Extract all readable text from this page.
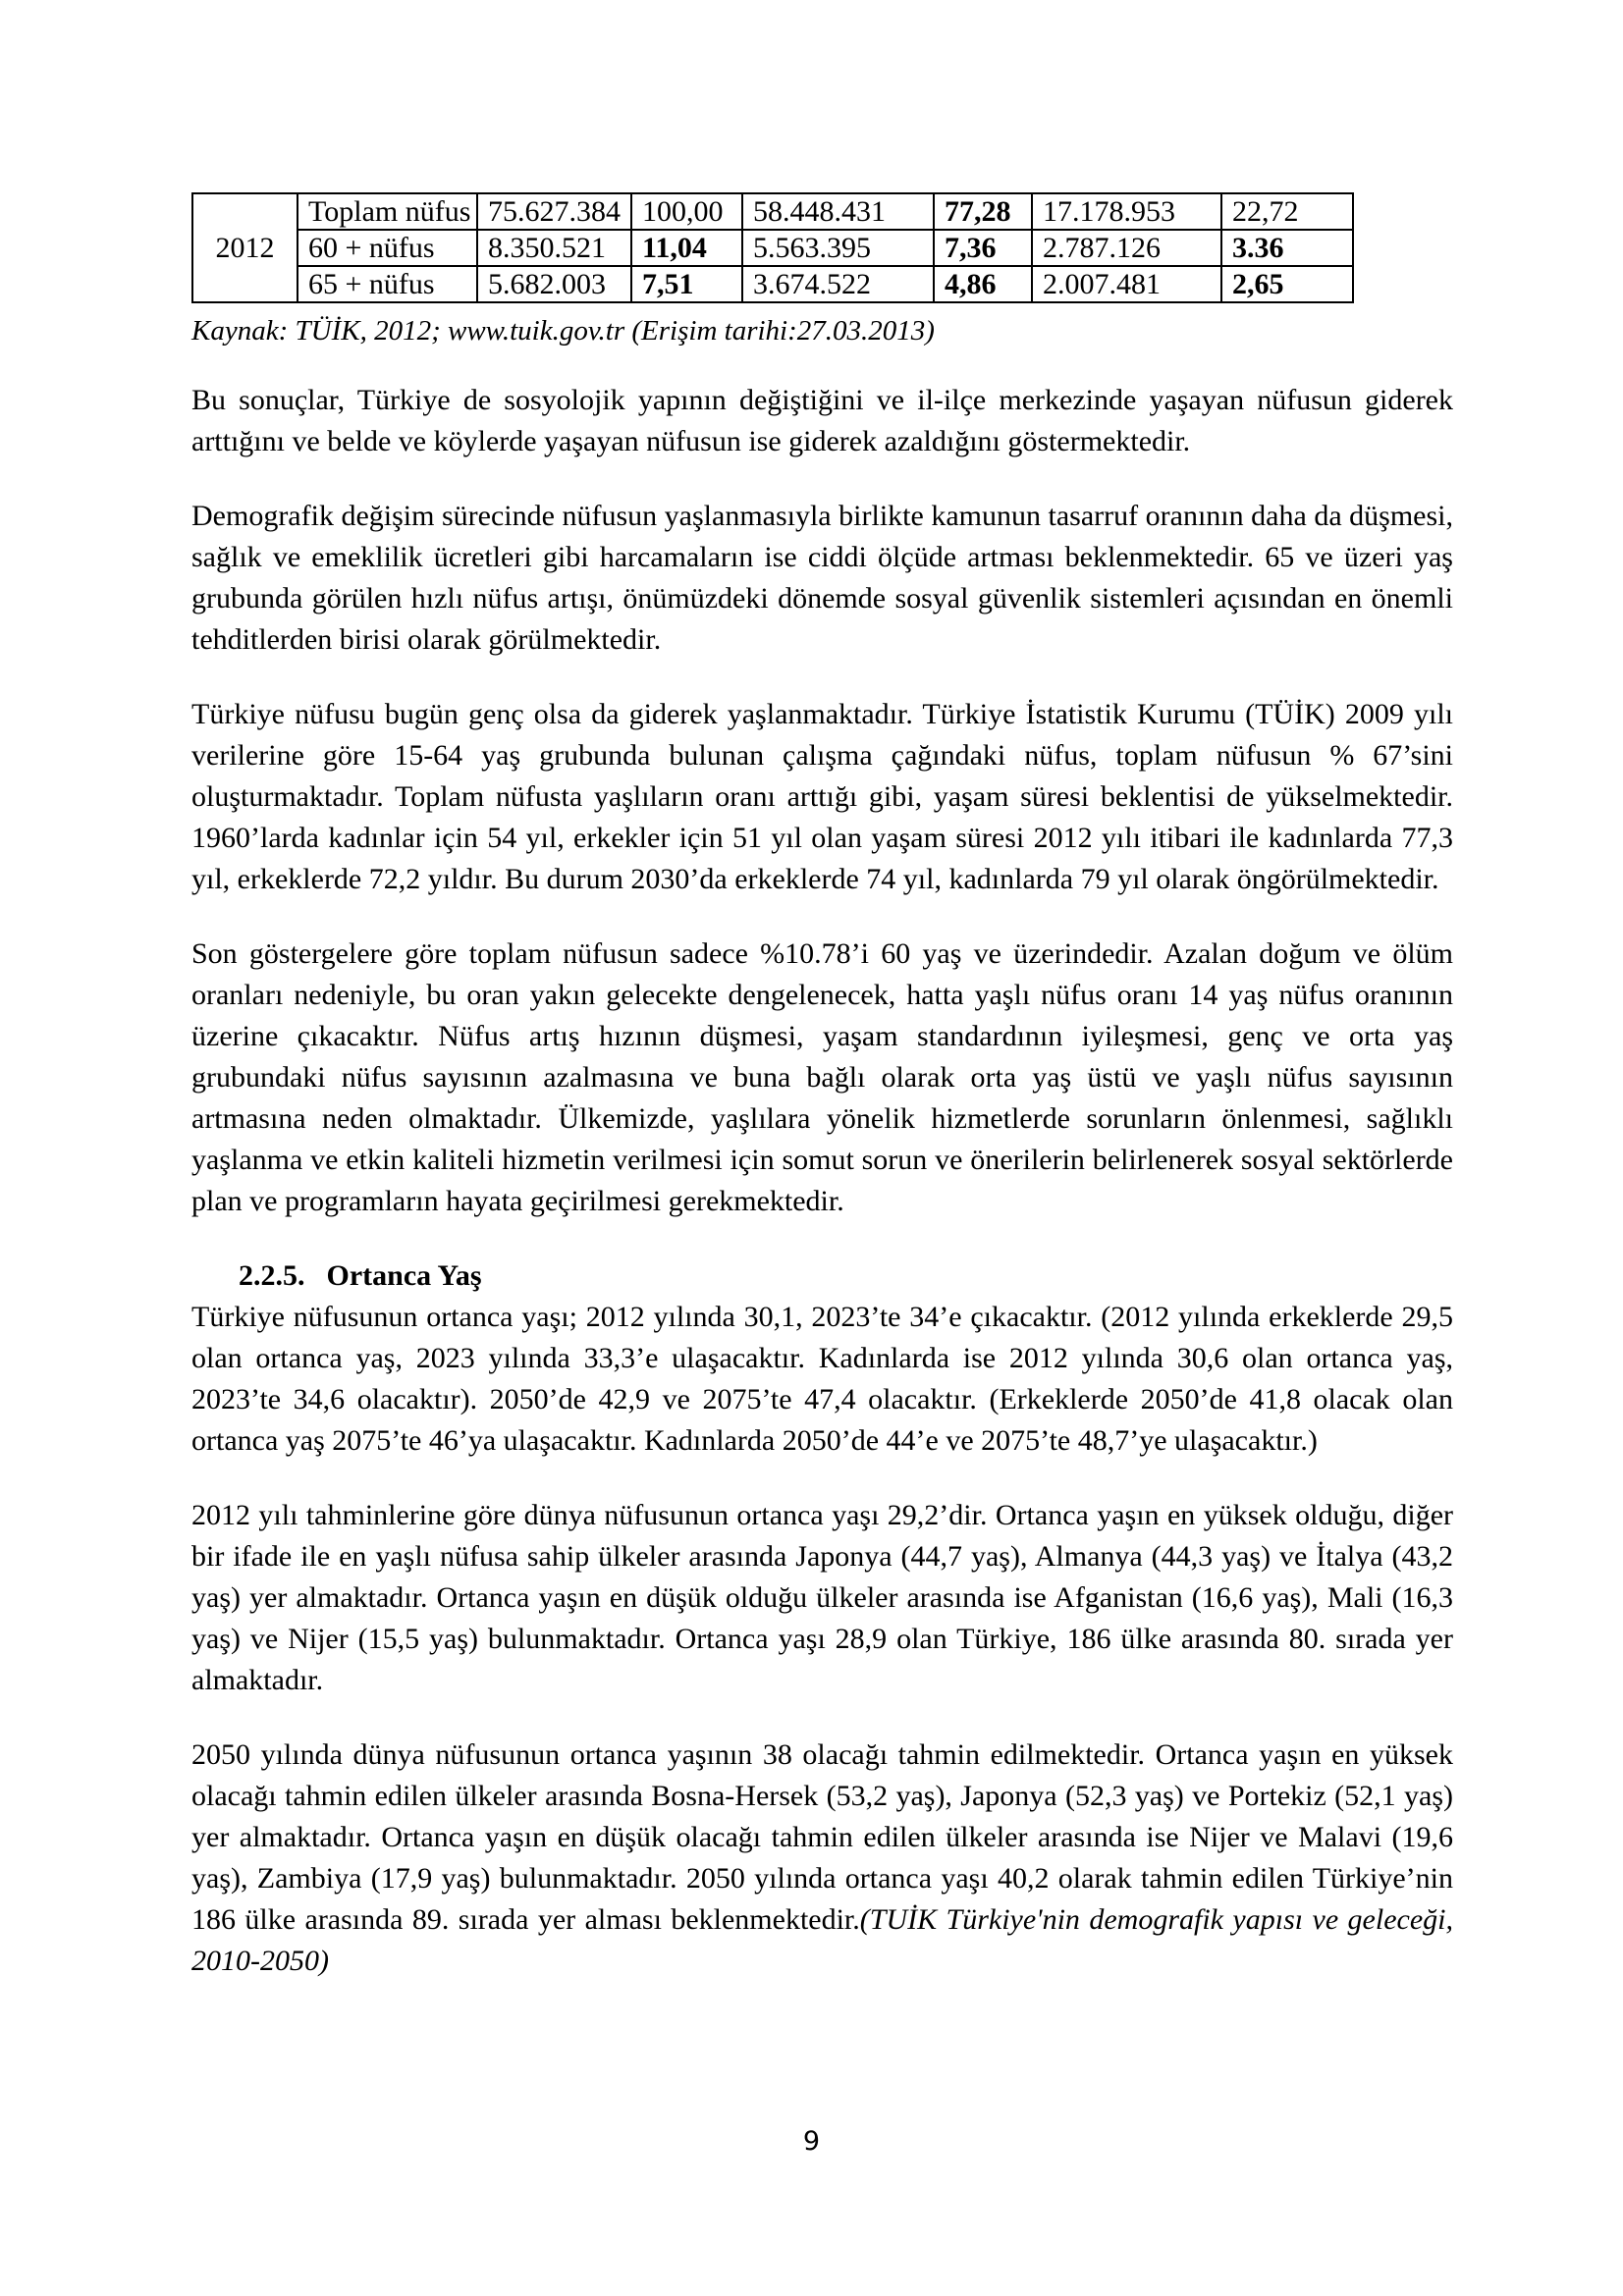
2012	Toplam nüfus	75.627.384	100,00	58.448.431	77,28	17.178.953	22,72
	60 + nüfus	8.350.521	11,04	5.563.395	7,36	2.787.126	3.36
	65 + nüfus	5.682.003	7,51	3.674.522	4,86	2.007.481	2,65

Kaynak: TÜİK, 2012; www.tuik.gov.tr (Erişim tarihi:27.03.2013)

Bu sonuçlar, Türkiye de sosyolojik yapının değiştiğini ve il-ilçe merkezinde yaşayan nüfusun giderek arttığını ve belde ve köylerde yaşayan nüfusun ise giderek azaldığını göstermektedir.

Demografik değişim sürecinde nüfusun yaşlanmasıyla birlikte kamunun tasarruf oranının daha da düşmesi, sağlık ve emeklilik ücretleri gibi harcamaların ise ciddi ölçüde artması beklenmektedir. 65 ve üzeri yaş grubunda görülen hızlı nüfus artışı, önümüzdeki dönemde sosyal güvenlik sistemleri açısından en önemli tehditlerden birisi olarak görülmektedir.

Türkiye nüfusu bugün genç olsa da giderek yaşlanmaktadır. Türkiye İstatistik Kurumu (TÜİK) 2009 yılı verilerine göre 15-64 yaş grubunda bulunan çalışma çağındaki nüfus, toplam nüfusun % 67’sini oluşturmaktadır. Toplam nüfusta yaşlıların oranı arttığı gibi, yaşam süresi beklentisi de yükselmektedir. 1960’larda kadınlar için 54 yıl, erkekler için 51 yıl olan yaşam süresi 2012 yılı itibari ile kadınlarda 77,3 yıl, erkeklerde 72,2 yıldır. Bu durum 2030’da erkeklerde 74 yıl, kadınlarda 79 yıl olarak öngörülmektedir.

Son göstergelere göre toplam nüfusun sadece %10.78’i 60 yaş ve üzerindedir. Azalan doğum ve ölüm oranları nedeniyle, bu oran yakın gelecekte dengelenecek, hatta yaşlı nüfus oranı 14 yaş nüfus oranının üzerine çıkacaktır. Nüfus artış hızının düşmesi, yaşam standardının iyileşmesi, genç ve orta yaş grubundaki nüfus sayısının azalmasına ve buna bağlı olarak orta yaş üstü ve yaşlı nüfus sayısının artmasına neden olmaktadır. Ülkemizde, yaşlılara yönelik hizmetlerde sorunların önlenmesi, sağlıklı yaşlanma ve etkin kaliteli hizmetin verilmesi için somut sorun ve önerilerin belirlenerek sosyal sektörlerde plan ve programların hayata geçirilmesi gerekmektedir.

2.2.5. Ortanca Yaş

Türkiye nüfusunun ortanca yaşı; 2012 yılında 30,1, 2023’te 34’e çıkacaktır. (2012 yılında erkeklerde 29,5 olan ortanca yaş, 2023 yılında 33,3’e ulaşacaktır. Kadınlarda ise 2012 yılında 30,6 olan ortanca yaş, 2023’te 34,6 olacaktır). 2050’de 42,9 ve 2075’te 47,4 olacaktır. (Erkeklerde 2050’de 41,8 olacak olan ortanca yaş 2075’te 46’ya ulaşacaktır. Kadınlarda 2050’de 44’e ve 2075’te 48,7’ye ulaşacaktır.)

2012 yılı tahminlerine göre dünya nüfusunun ortanca yaşı 29,2’dir. Ortanca yaşın en yüksek olduğu, diğer bir ifade ile en yaşlı nüfusa sahip ülkeler arasında Japonya (44,7 yaş), Almanya (44,3 yaş) ve İtalya (43,2 yaş) yer almaktadır. Ortanca yaşın en düşük olduğu ülkeler arasında ise Afganistan (16,6 yaş), Mali (16,3 yaş) ve Nijer (15,5 yaş) bulunmaktadır. Ortanca yaşı 28,9 olan Türkiye, 186 ülke arasında 80. sırada yer almaktadır.

2050 yılında dünya nüfusunun ortanca yaşının 38 olacağı tahmin edilmektedir. Ortanca yaşın en yüksek olacağı tahmin edilen ülkeler arasında Bosna-Hersek (53,2 yaş), Japonya (52,3 yaş) ve Portekiz (52,1 yaş) yer almaktadır. Ortanca yaşın en düşük olacağı tahmin edilen ülkeler arasında ise Nijer ve Malavi (19,6 yaş), Zambiya (17,9 yaş) bulunmaktadır. 2050 yılında ortanca yaşı 40,2 olarak tahmin edilen Türkiye’nin 186 ülke arasında 89. sırada yer alması beklenmektedir.(TUİK Türkiye'nin demografik yapısı ve geleceği, 2010-2050)

9
